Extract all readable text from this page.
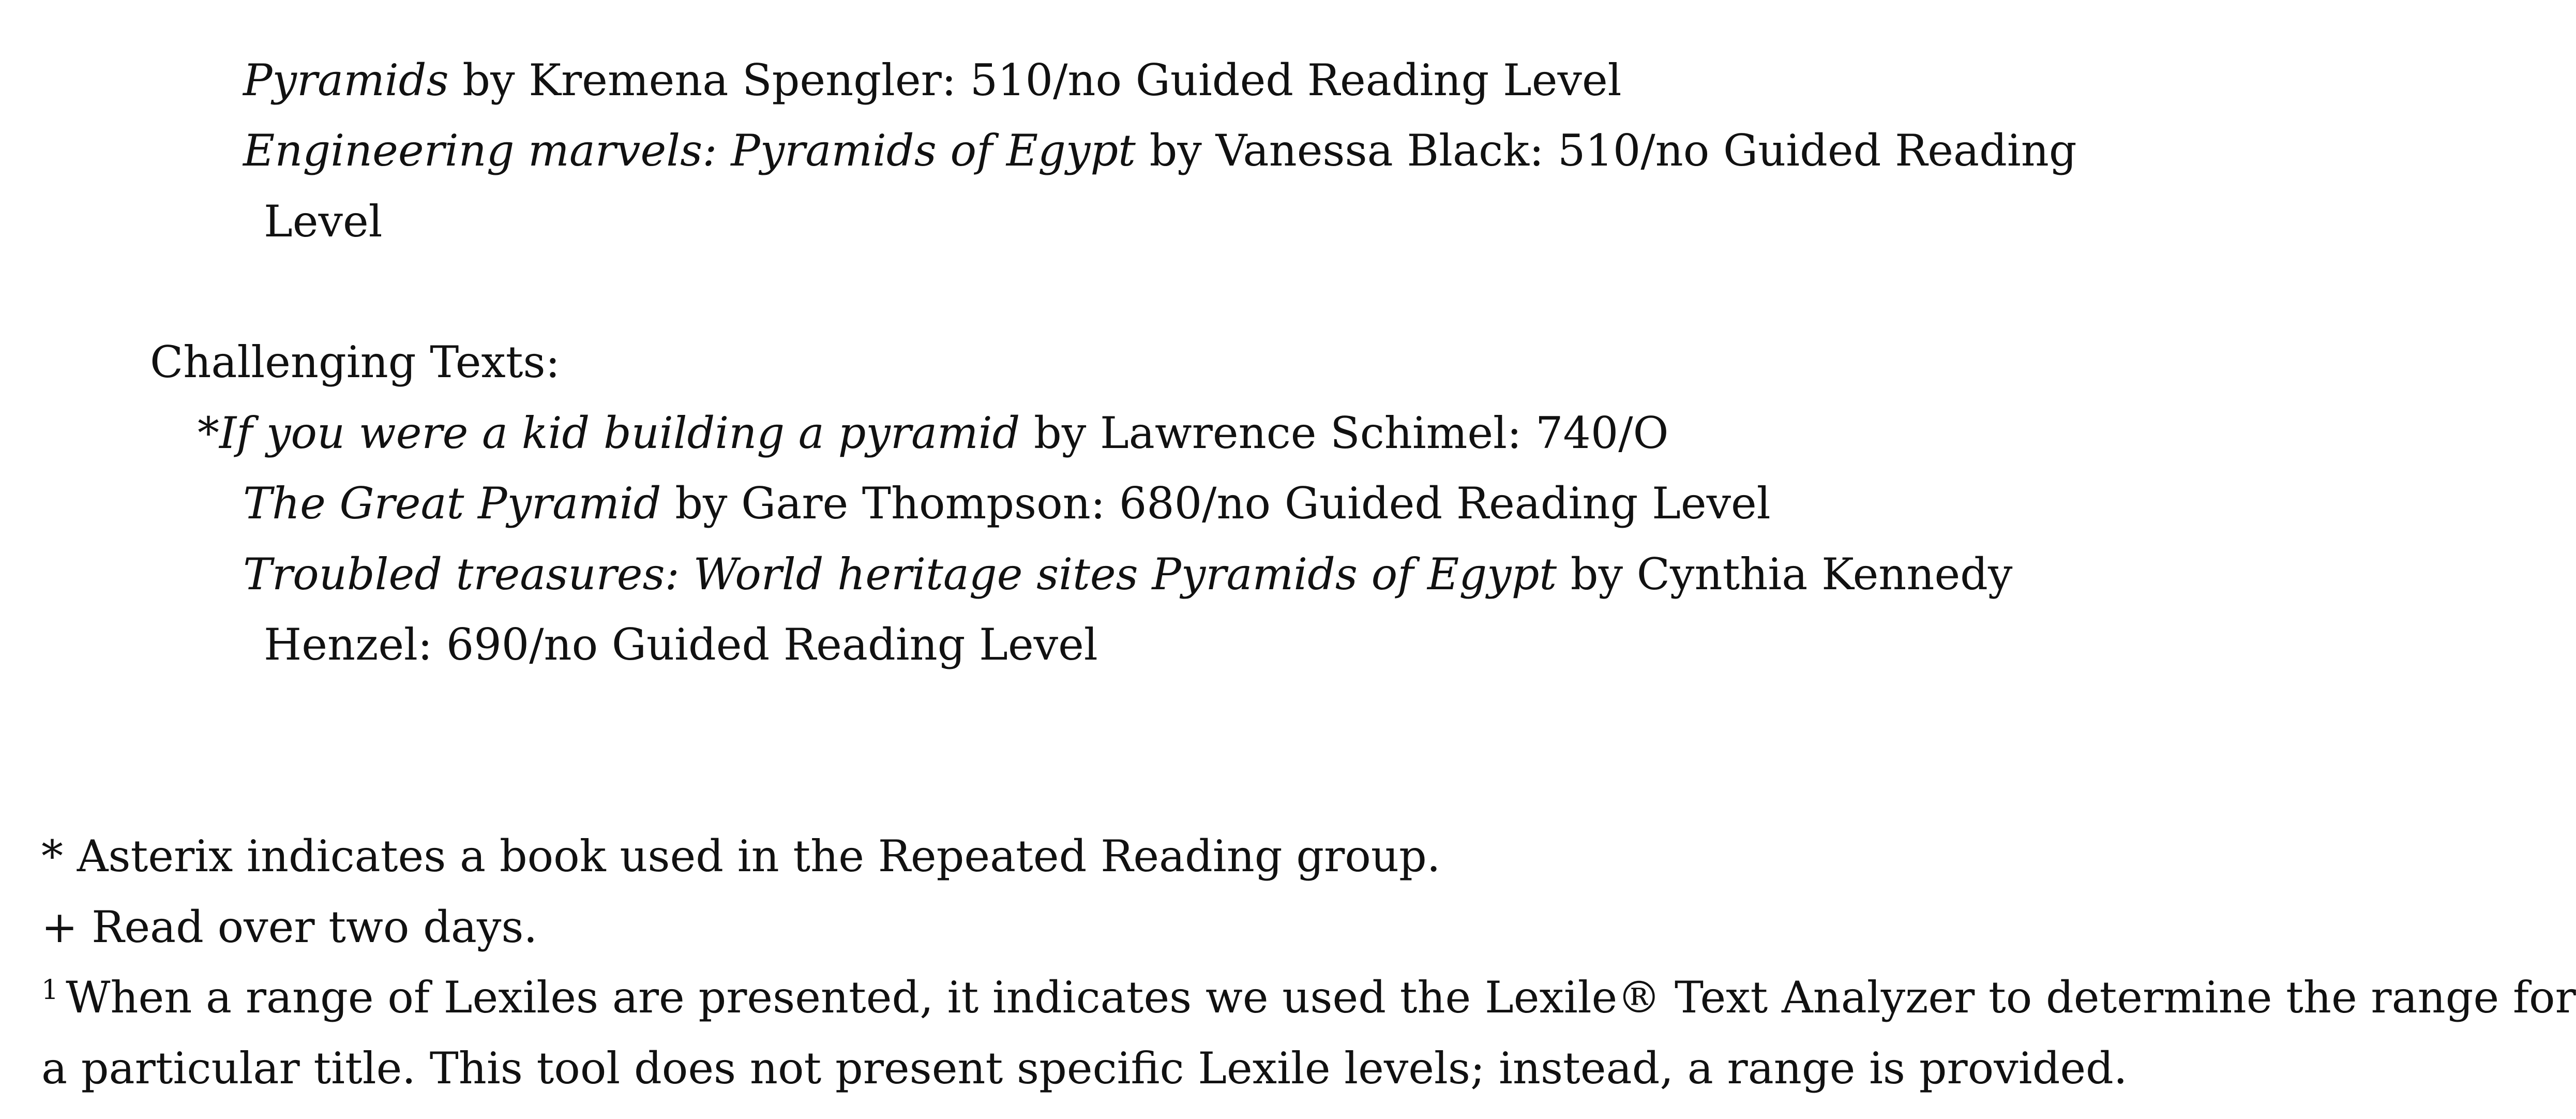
Pyramids by Kremena Spengler: 510/no Guided Reading Level
Engineering marvels: Pyramids of Egypt by Vanessa Black: 510/no Guided Reading
Level
Challenging Texts:
*If you were a kid building a pyramid by Lawrence Schimel: 740/O
The Great Pyramid by Gare Thompson: 680/no Guided Reading Level
Troubled treasures: World heritage sites Pyramids of Egypt by Cynthia Kennedy
Henzel: 690/no Guided Reading Level
* Asterix indicates a book used in the Repeated Reading group.
+ Read over two days.
$^1$ When a range of Lexiles are presented, it indicates we used the Lexile® Text Analyzer to determine the range for
a particular title. This tool does not present specific Lexile levels; instead, a range is provided.
